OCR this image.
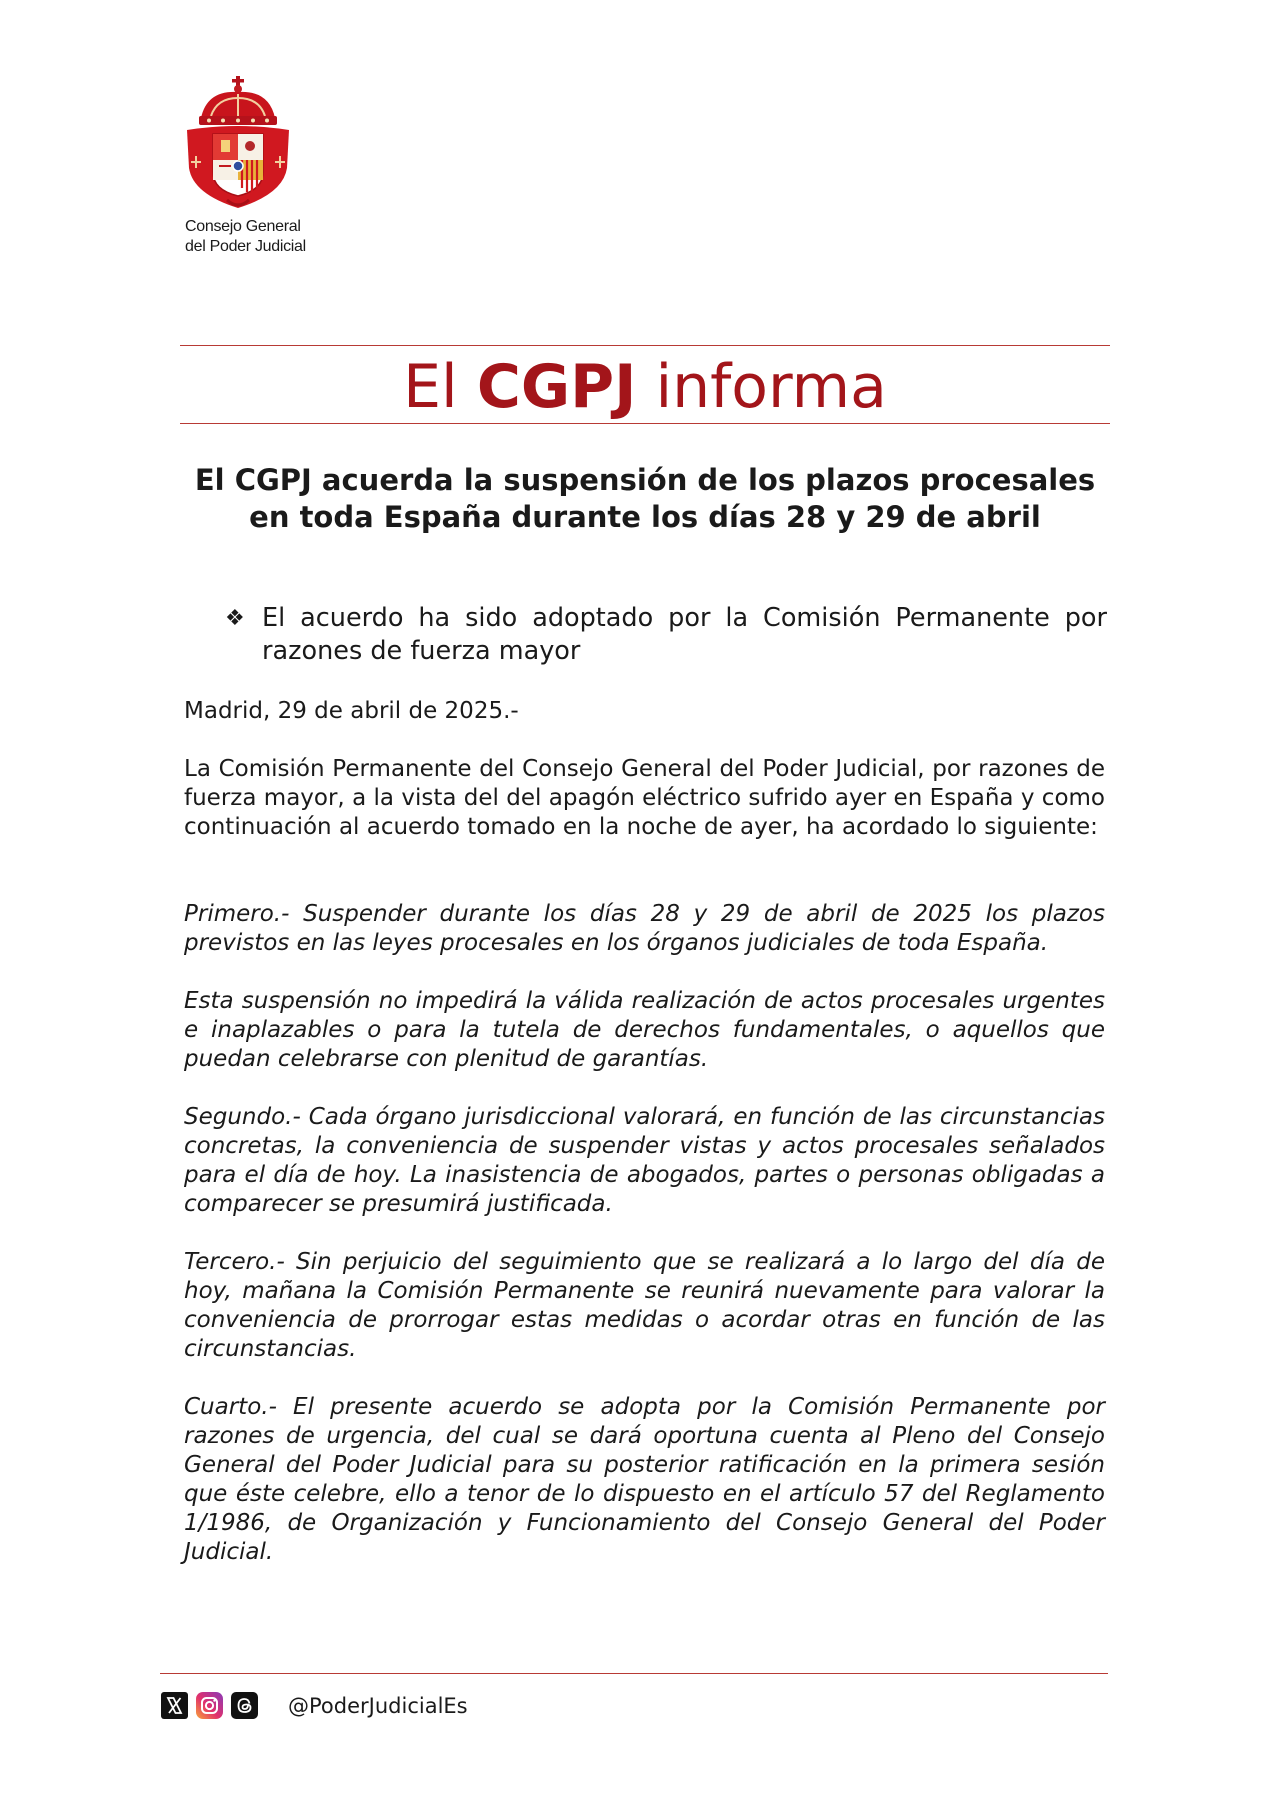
Consejo General
del Poder Judicial
El CGPJ informa
El CGPJ acuerda la suspensión de los plazos procesales en toda España durante los días 28 y 29 de abril
❖ El acuerdo ha sido adoptado por la Comisión Permanente por razones de fuerza mayor

Madrid, 29 de abril de 2025.-

La Comisión Permanente del Consejo General del Poder Judicial, por razones de fuerza mayor, a la vista del del apagón eléctrico sufrido ayer en España y como continuación al acuerdo tomado en la noche de ayer, ha acordado lo siguiente:

Primero.- Suspender durante los días 28 y 29 de abril de 2025 los plazos previstos en las leyes procesales en los órganos judiciales de toda España.

Esta suspensión no impedirá la válida realización de actos procesales urgentes e inaplazables o para la tutela de derechos fundamentales, o aquellos que puedan celebrarse con plenitud de garantías.

Segundo.- Cada órgano jurisdiccional valorará, en función de las circunstancias concretas, la conveniencia de suspender vistas y actos procesales señalados para el día de hoy. La inasistencia de abogados, partes o personas obligadas a comparecer se presumirá justificada.

Tercero.- Sin perjuicio del seguimiento que se realizará a lo largo del día de hoy, mañana la Comisión Permanente se reunirá nuevamente para valorar la conveniencia de prorrogar estas medidas o acordar otras en función de las circunstancias.

Cuarto.- El presente acuerdo se adopta por la Comisión Permanente por razones de urgencia, del cual se dará oportuna cuenta al Pleno del Consejo General del Poder Judicial para su posterior ratificación en la primera sesión que éste celebre, ello a tenor de lo dispuesto en el artículo 57 del Reglamento 1/1986, de Organización y Funcionamiento del Consejo General del Poder Judicial.

@PoderJudicialEs
